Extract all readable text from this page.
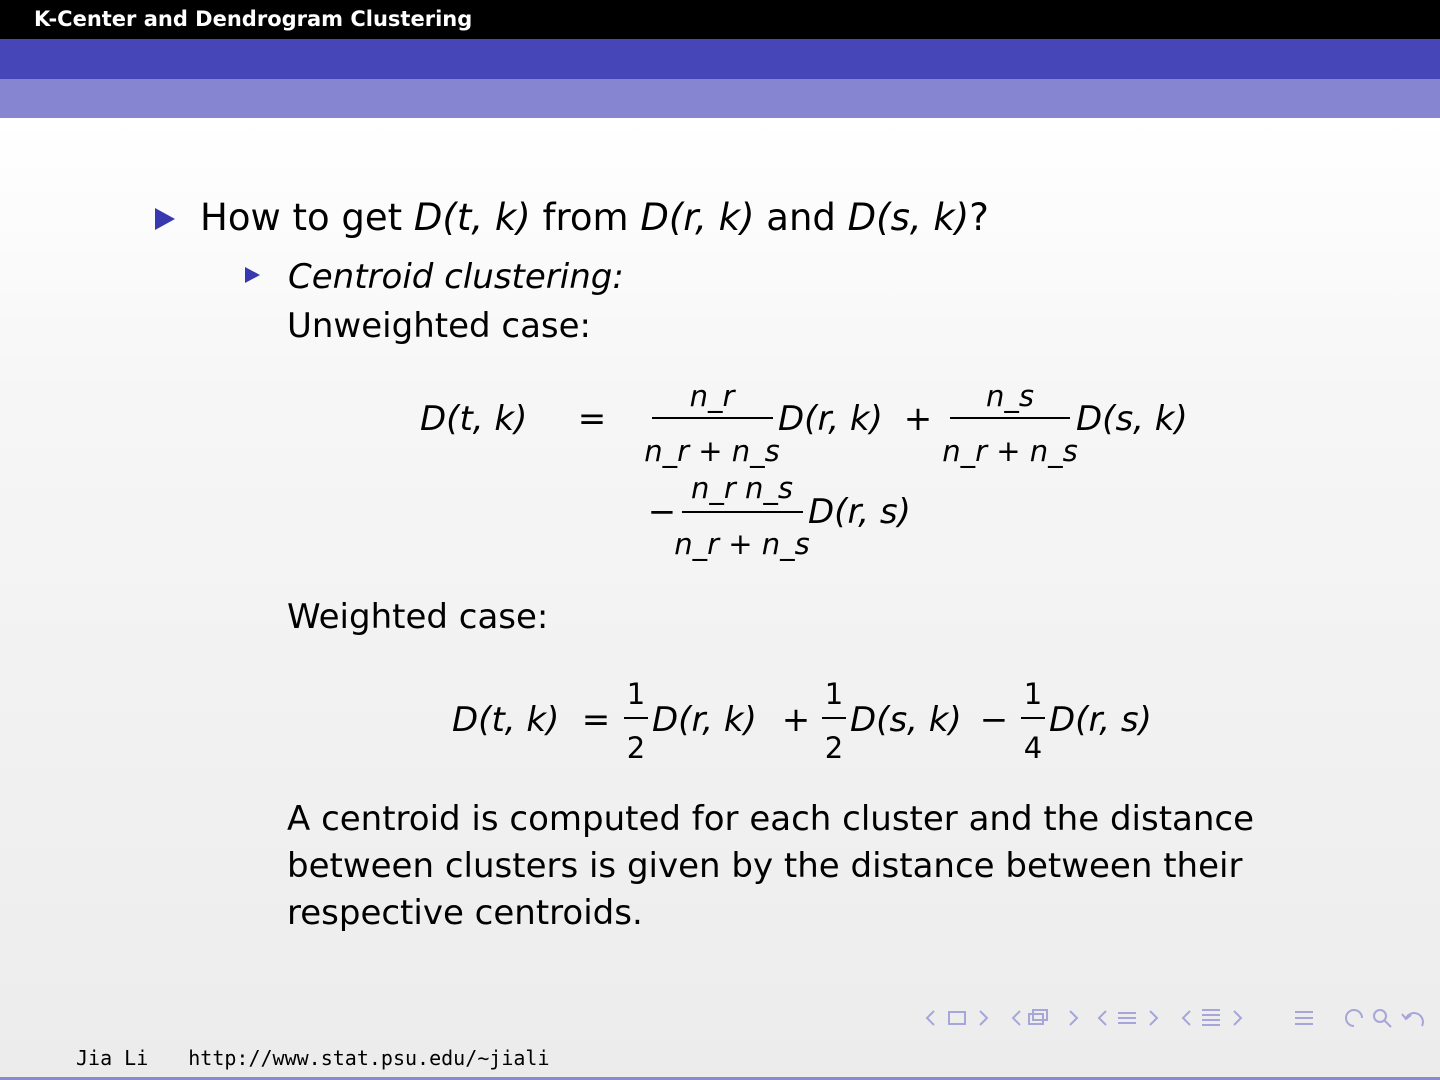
K-Center and Dendrogram Clustering
How to get D(t, k) from D(r, k) and D(s, k)?
Centroid clustering:
Unweighted case:
D(t, k) =
n_r
n_r + n_s
D(r, k) +
n_s
n_r + n_s
D(s, k)
−
n_r n_s
n_r + n_s
D(r, s)
Weighted case:
D(t, k) =
1
2
D(r, k) +
1
2
D(s, k) −
1
4
D(r, s)
A centroid is computed for each cluster and the distance between clusters is given by the distance between their respective centroids.
Jia Li http://www.stat.psu.edu/∼jiali
